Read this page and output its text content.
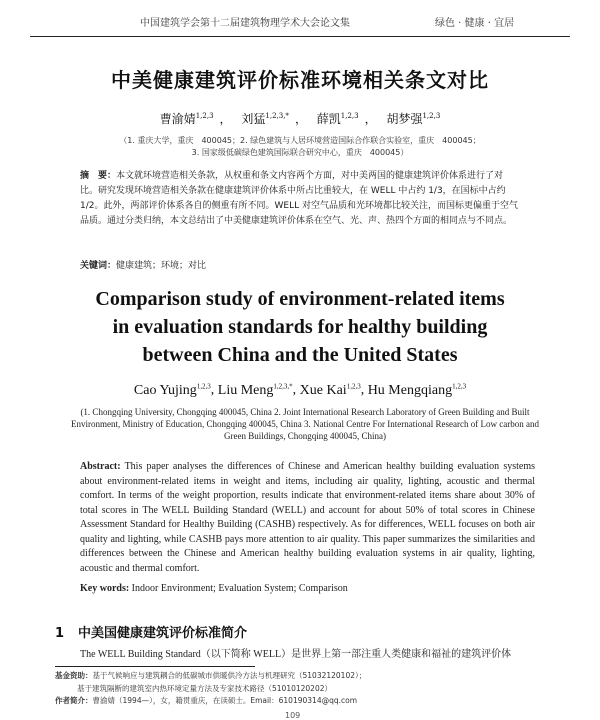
中国建筑学会第十二届建筑物理学术大会论文集	绿色 · 健康 · 宜居
中美健康建筑评价标准环境相关条文对比
曹渝婧$^{1,2,3}$ ， 刘猛$^{1,2,3,*}$ ， 薛凯$^{1,2,3}$ ， 胡梦强$^{1,2,3}$
（1. 重庆大学，重庆　400045；2. 绿色建筑与人居环境营造国际合作联合实验室，重庆　400045；
3. 国家级低碳绿色建筑国际联合研究中心，重庆　400045）
摘　要：本文就环境营造相关条款，从权重和条文内容两个方面，对中美两国的健康建筑评价体系进行了对比。研究发现环境营造相关条款在健康建筑评价体系中所占比重较大，在 WELL 中占约 1/3，在国标中占约 1/2。此外，两部评价体系各自的侧重有所不同。WELL 对空气品质和光环境都比较关注，而国标更偏重于空气品质。通过分类归纳，本文总结出了中美健康建筑评价体系在空气、光、声、热四个方面的相同点与不同点。
关键词：健康建筑；环境；对比
Comparison study of environment-related items
in evaluation standards for healthy building
between China and the United States
Cao Yujing$^{1,2,3}$, Liu Meng$^{1,2,3,*}$, Xue Kai$^{1,2,3}$, Hu Mengqiang$^{1,2,3}$
(1. Chongqing University, Chongqing 400045, China 2. Joint International Research Laboratory of Green Building and Built Environment, Ministry of Education, Chongqing 400045, China 3. National Centre For International Research of Low carbon and Green Buildings, Chongqing 400045, China)
Abstract: This paper analyses the differences of Chinese and American healthy building evaluation systems about environment-related items in weight and items, including air quality, lighting, acoustic and thermal comfort. In terms of the weight proportion, results indicate that environment-related items share about 30% of total scores in The WELL Building Standard (WELL) and account for about 50% of total scores in Chinese Assessment Standard for Healthy Building (CASHB) respectively. As for differences, WELL focuses on both air quality and lighting, while CASHB pays more attention to air quality. This paper summarizes the similarities and differences between the Chinese and American healthy building evaluation systems in air quality, lighting, acoustic and thermal comfort.
Key words: Indoor Environment; Evaluation System; Comparison
1 中美国健康建筑评价标准简介
The WELL Building Standard（以下简称 WELL）是世界上第一部注重人类健康和福祉的建筑评价体
基金资助：基于气候响应与建筑耦合的低碳城市供暖供冷方法与机理研究（51032120102）；
基于建筑隔断的建筑室内热环境定量方法及专家技术路径（51010120202）
作者简介：曹渝婧（1994—），女，籍贯重庆，在读硕士。Email：610190314@qq.com
109
